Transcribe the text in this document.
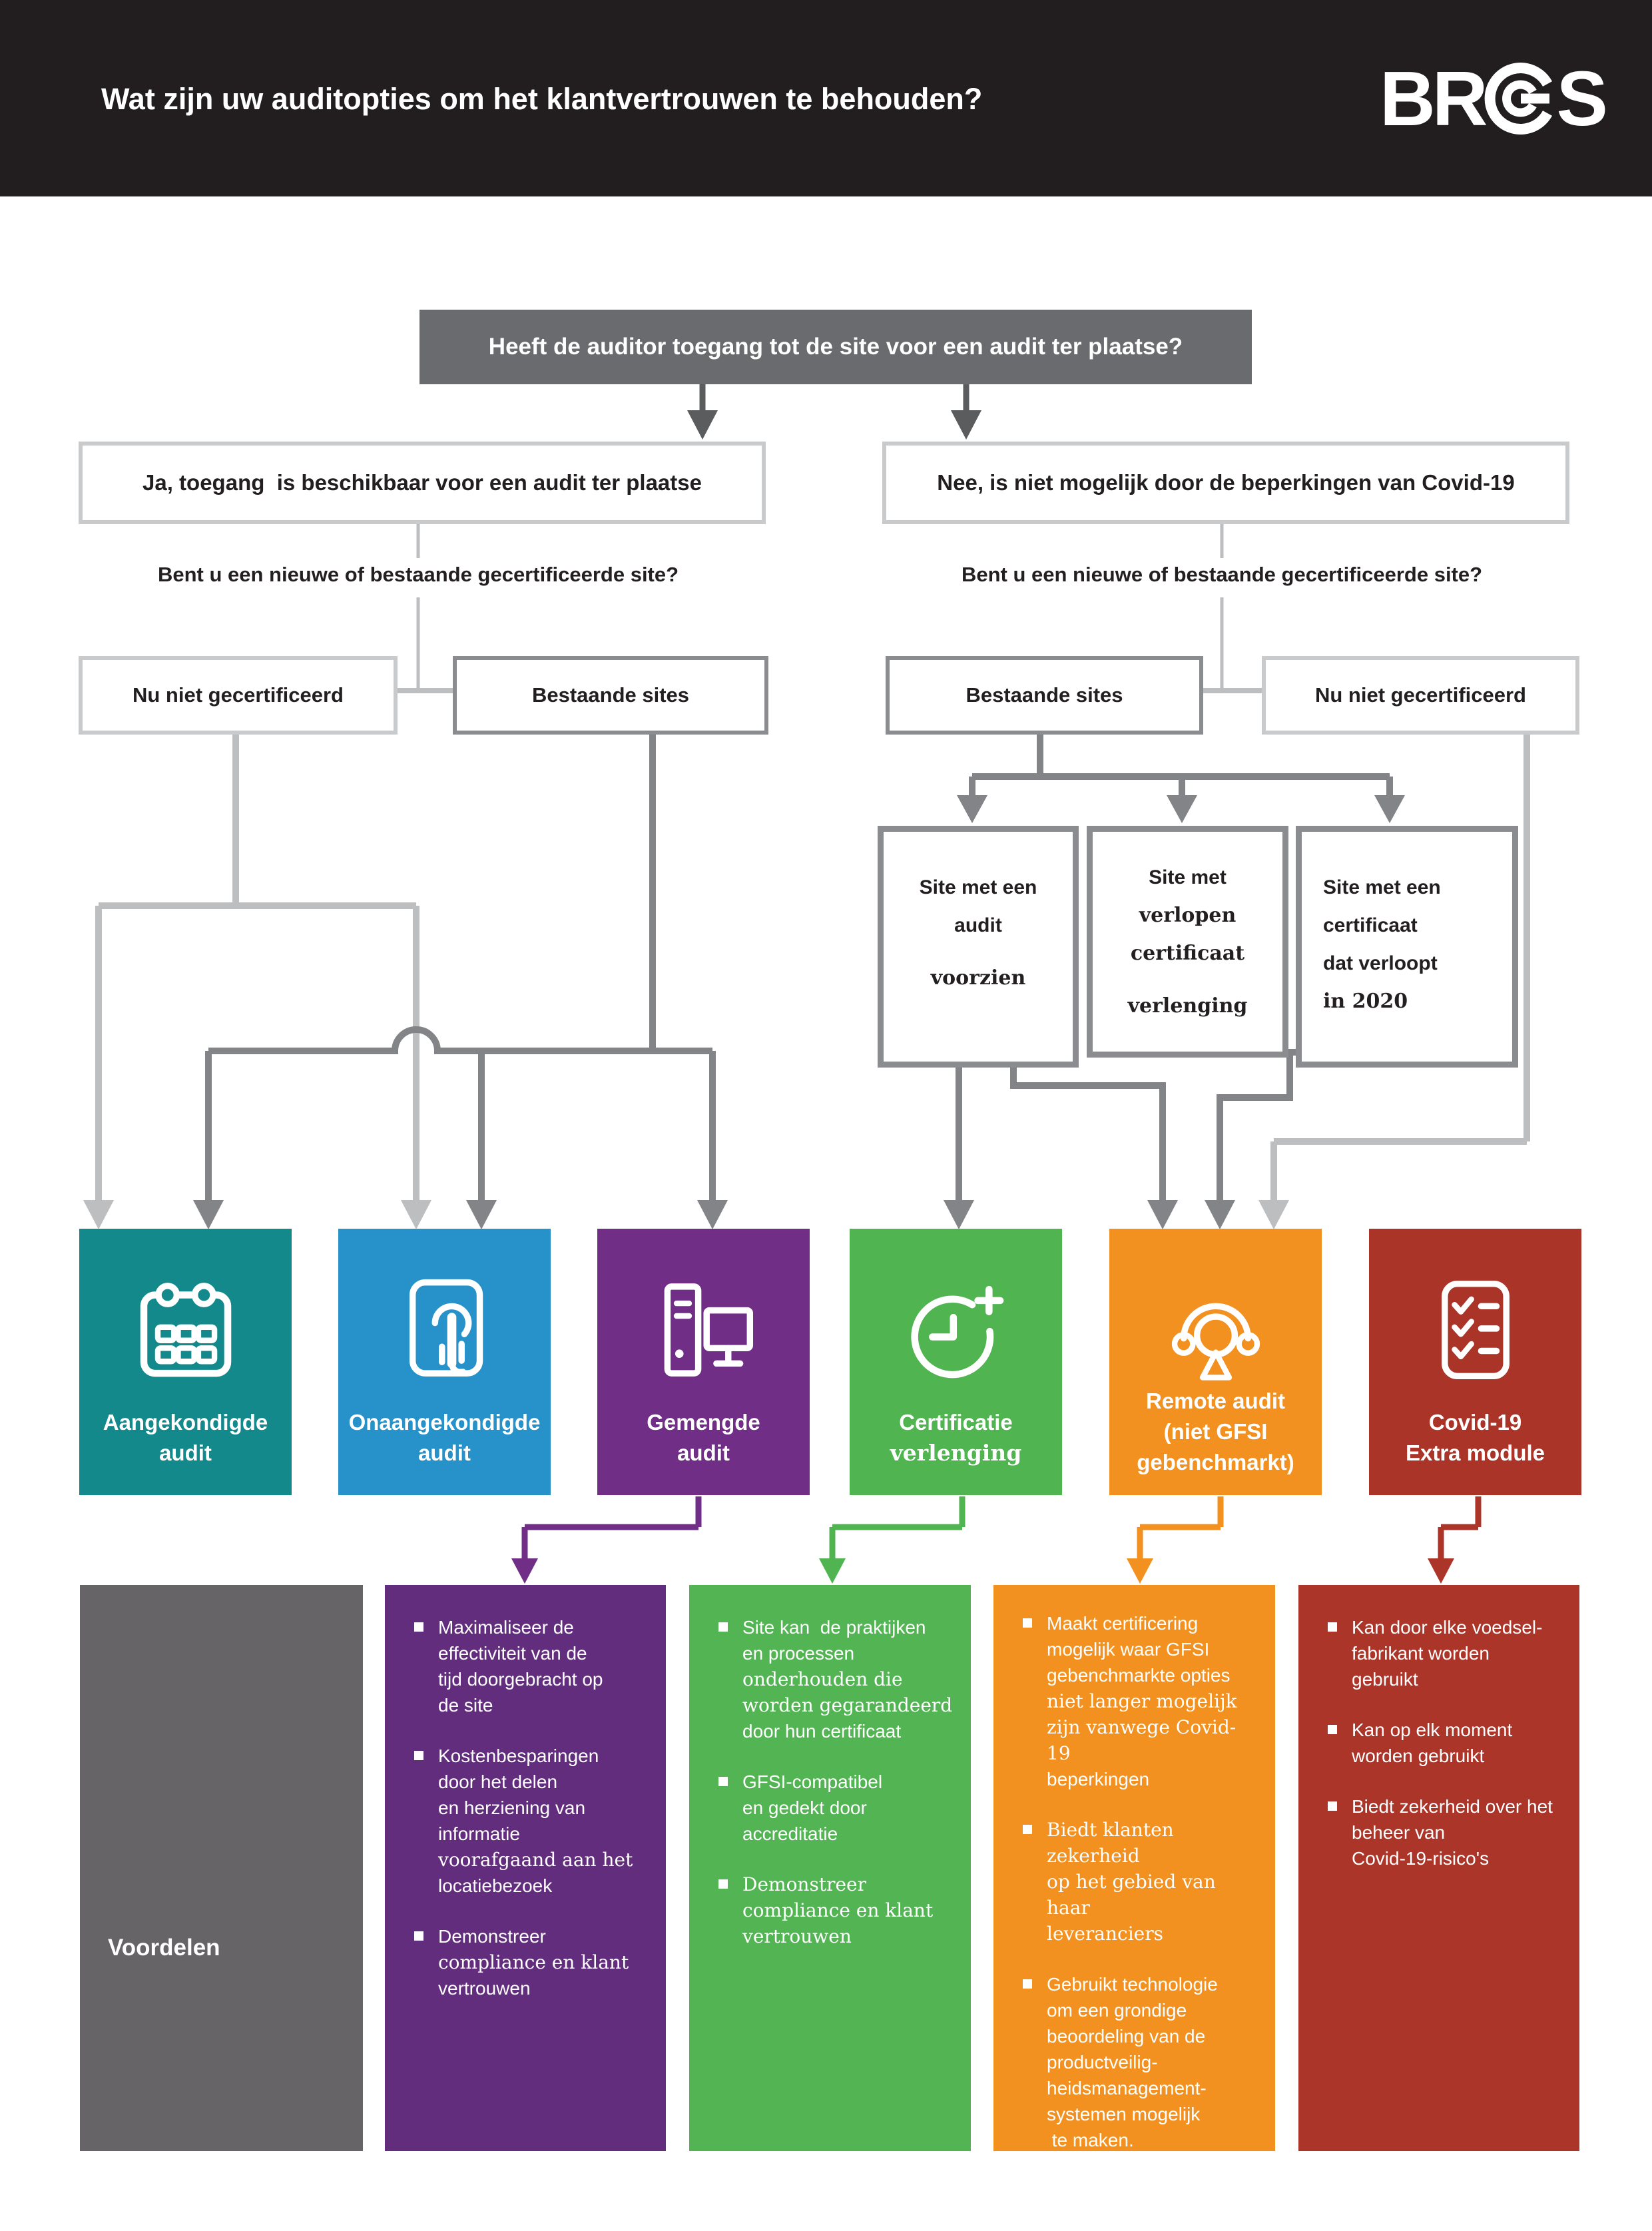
Wat zijn uw auditopties om het klantvertrouwen te behouden?	BR S
Heeft de auditor toegang tot de site voor een audit ter plaatse?
Ja, toegang  is beschikbaar voor een audit ter plaatse	Nee, is niet mogelijk door de beperkingen van Covid-19
Bent u een nieuwe of bestaande gecertificeerde site?	Bent u een nieuwe of bestaande gecertificeerde site?
Nu niet gecertificeerd	Bestaande sites	Bestaande sites	Nu niet gecertificeerd
Site met een
audit
voorzien
Site met
verlopen
certificaat
verlenging
Site met een
certificaat
dat verloopt
in 2020
Aangekondigde
audit
Onaangekondigde
audit
Gemengde
audit
Certificatie
verlenging
Remote audit
(niet GFSI
gebenchmarkt)
Covid-19
Extra module
Voordelen
Maximaliseer de
effectiviteit van de
tijd doorgebracht op
de site
Kostenbesparingen
door het delen
en herziening van
informatie
voorafgaand aan het
locatiebezoek
Demonstreer
compliance en klant
vertrouwen
Site kan  de praktijken
en processen
onderhouden die
worden gegarandeerd
door hun certificaat
GFSI-compatibel
en gedekt door
accreditatie
Demonstreer
compliance en klant
vertrouwen
Maakt certificering
mogelijk waar GFSI
gebenchmarkte opties
niet langer mogelijk
zijn vanwege Covid-19
beperkingen
Biedt klanten zekerheid
op het gebied van haar
leveranciers
Gebruikt technologie
om een grondige
beoordeling van de
productveilig-
heidsmanagement-
systemen mogelijk
te maken.
Gedekt door accreditatie
Kan door elke voedsel-
fabrikant worden
gebruikt
Kan op elk moment
worden gebruikt
Biedt zekerheid over het
beheer van
Covid-19-risico's
